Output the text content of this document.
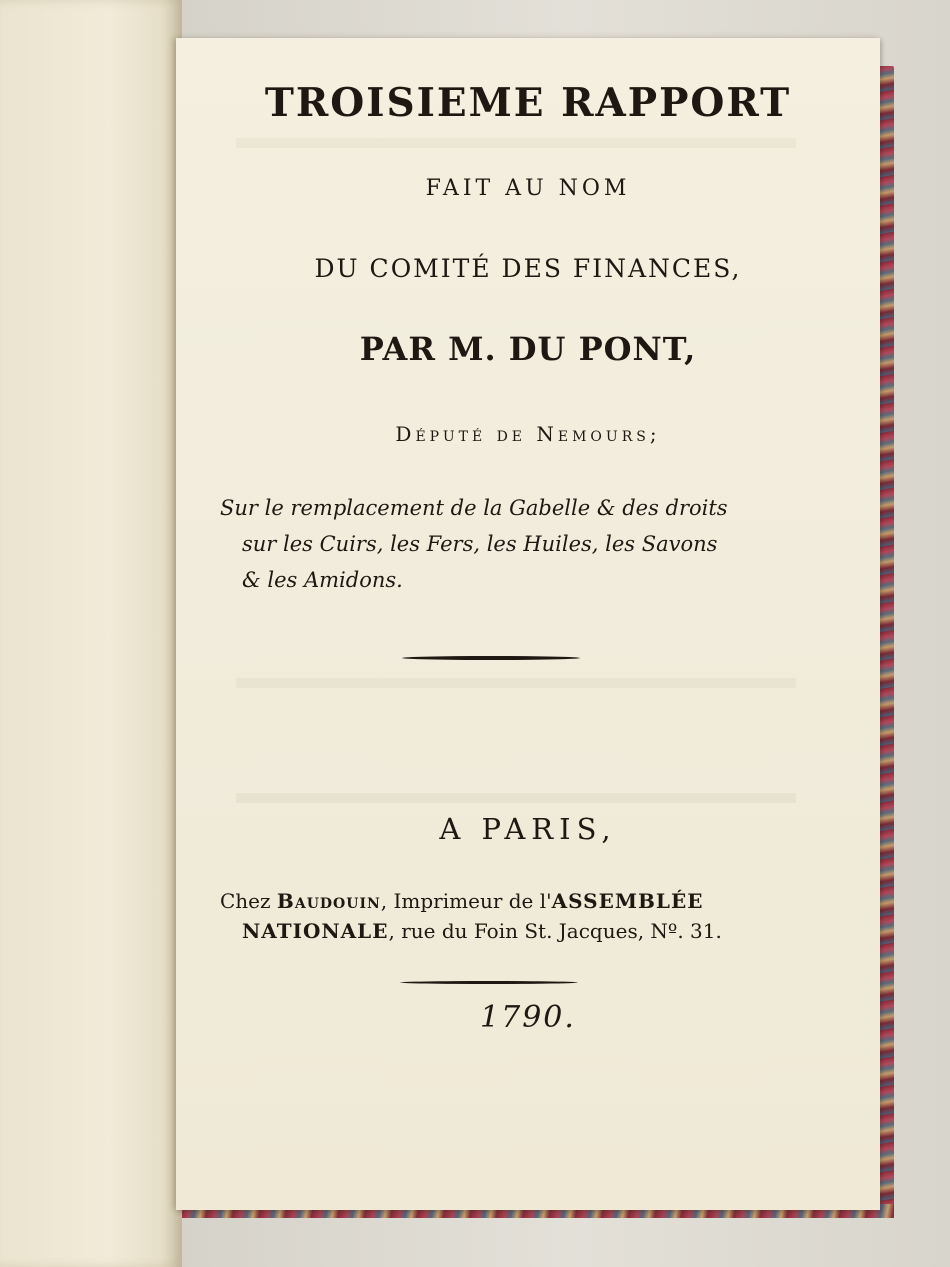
TROISIEME RAPPORT
FAIT AU NOM
DU COMITÉ DES FINANCES,
PAR M. DU PONT,
Député de Nemours;
Sur le remplacement de la Gabelle & des droits
sur les Cuirs, les Fers, les Huiles, les Savons
& les Amidons.
A PARIS,
Chez Baudouin, Imprimeur de l'ASSEMBLÉE
NATIONALE, rue du Foin St. Jacques, Nº. 31.
1790.
